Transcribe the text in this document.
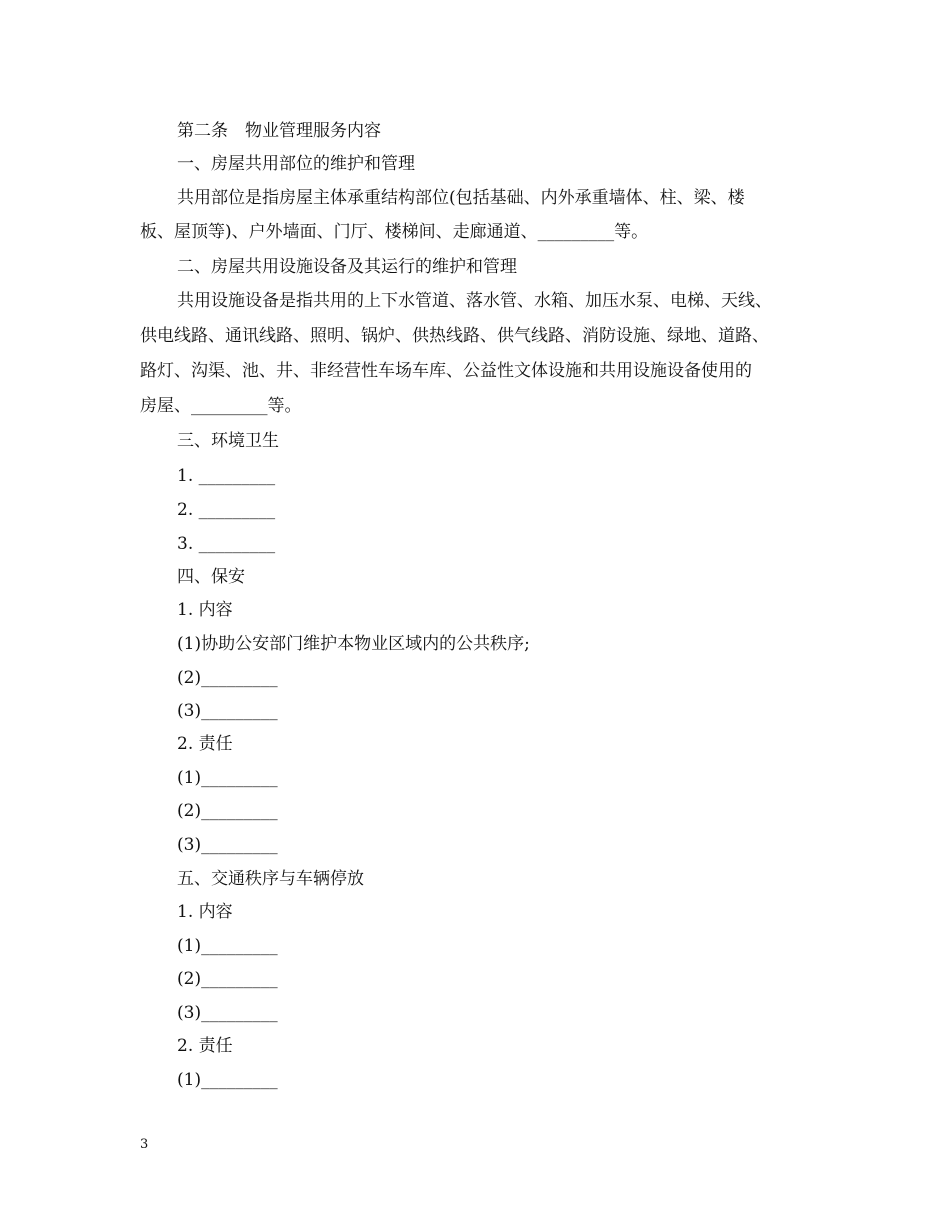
第二条　物业管理服务内容
一、房屋共用部位的维护和管理
共用部位是指房屋主体承重结构部位(包括基础、内外承重墙体、柱、梁、楼
板、屋顶等)、户外墙面、门厅、楼梯间、走廊通道、_________等。
二、房屋共用设施设备及其运行的维护和管理
共用设施设备是指共用的上下水管道、落水管、水箱、加压水泵、电梯、天线、
供电线路、通讯线路、照明、锅炉、供热线路、供气线路、消防设施、绿地、道路、
路灯、沟渠、池、井、非经营性车场车库、公益性文体设施和共用设施设备使用的
房屋、_________等。
三、环境卫生
1. _________
2. _________
3. _________
四、保安
1. 内容
(1)协助公安部门维护本物业区域内的公共秩序;
(2)_________
(3)_________
2. 责任
(1)_________
(2)_________
(3)_________
五、交通秩序与车辆停放
1. 内容
(1)_________
(2)_________
(3)_________
2. 责任
(1)_________
3
